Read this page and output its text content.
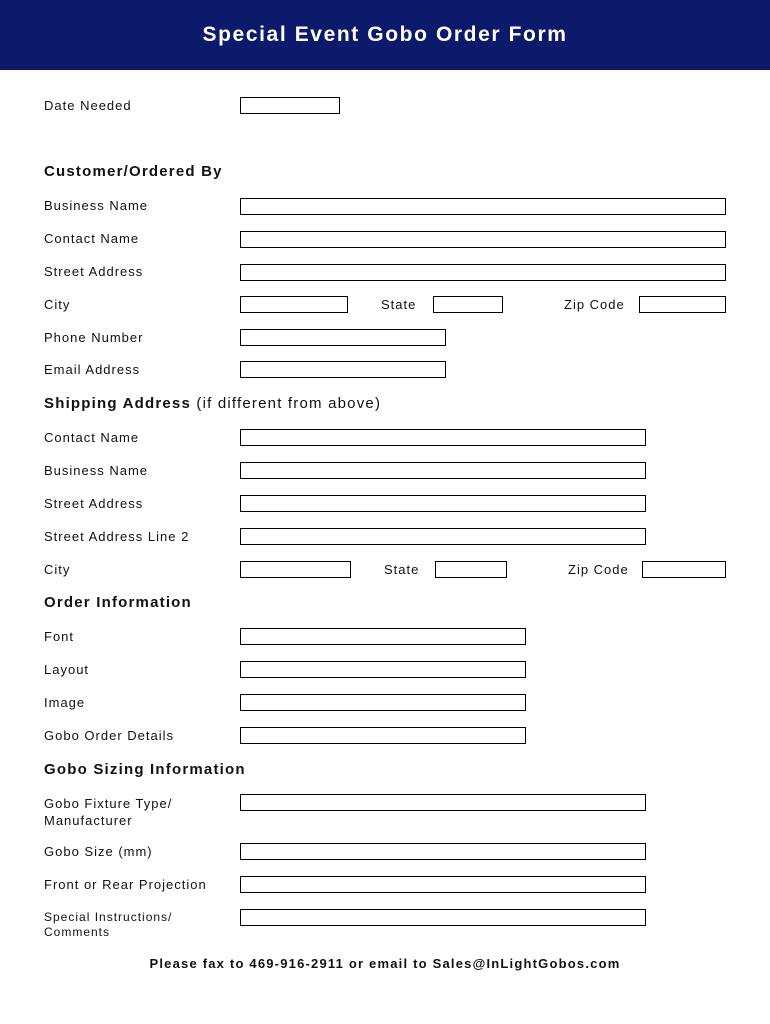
Special Event Gobo Order Form
Date Needed
Customer/Ordered By
Business Name
Contact Name
Street Address
City	State	Zip Code
Phone Number
Email Address
Shipping Address (if different from above)
Contact Name
Business Name
Street Address
Street Address Line 2
City	State	Zip Code
Order Information
Font
Layout
Image
Gobo Order Details
Gobo Sizing Information
Gobo Fixture Type/
Manufacturer
Gobo Size (mm)
Front or Rear Projection
Special Instructions/
Comments
Please fax to 469-916-2911 or email to Sales@InLightGobos.com
